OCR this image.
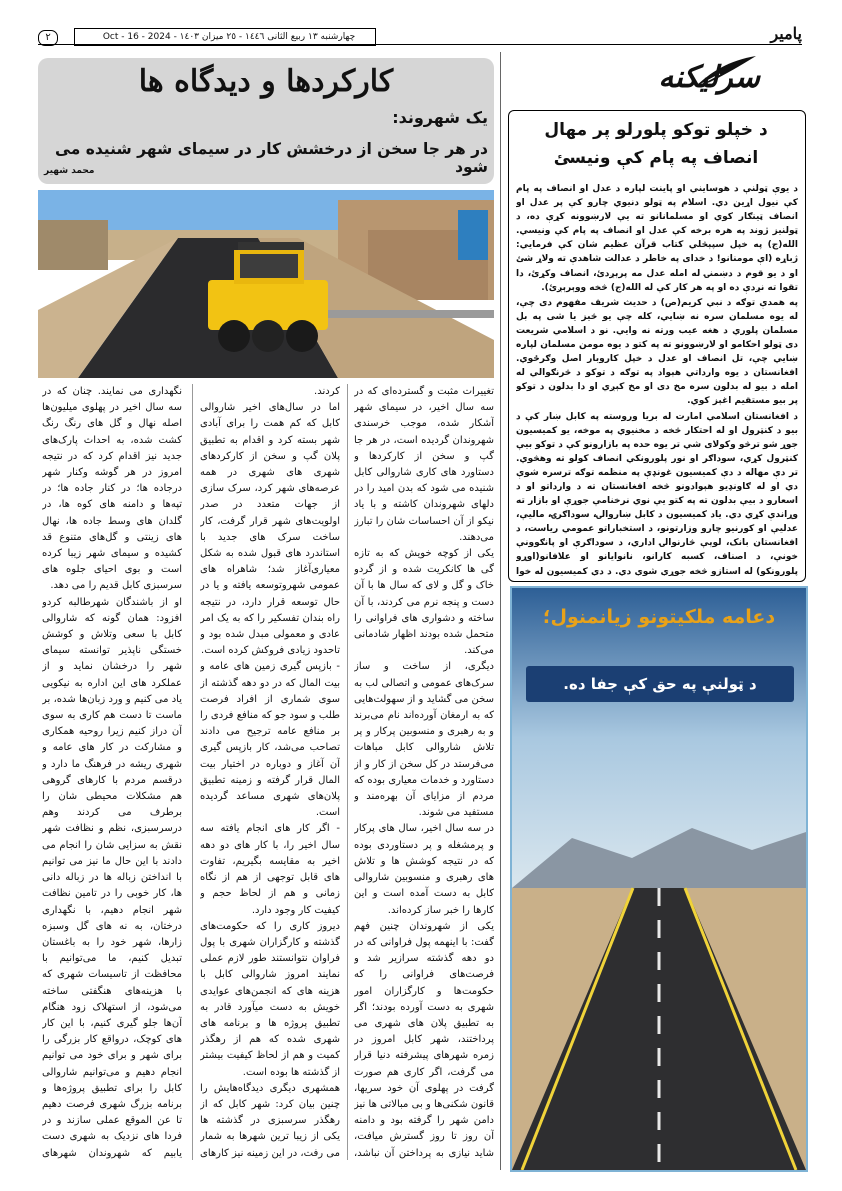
٢	چهارشنبه ١٣ ربیع الثانی ١٤٤٦ - ٢٥ میزان ١٤٠٣ - Oct - 16 - 2024	پامیر
سرلیکنه
د خپلو توکو پلورلو پر مهال انصاف په پام کې ونیسئ

د یوې ټولنې د هوسایني او پاینت لپاره د عدل او انصاف په پام کې نیول اړین دي. اسلام په ټولو دنیوي چارو کې پر عدل او انصاف ټینګار کوي او مسلمانانو ته یې لارښوونه کړې ده، د ټولنیز ژوند په هره برخه کې عدل او انصاف په پام کې ونیسي. الله(ج) په خپل سپېڅلي کتاب قرآن عظیم شان کې فرمایي: ژباړه (اې مومنانو! د خدای په خاطر د عدالت شاهدې ته ولاړ شئ او د یو قوم د دښمنۍ له امله عدل مه پرېږدئ، انصاف وکړئ، دا تقوا ته نږدې ده او په هر کار کې له الله(ج) څخه ووېرېږئ).

په همدې توګه د نبي کریم(ص) د حدیث شریف مفهوم دی چې، له یوه مسلمان سره نه ښایي، کله چې یو څیز یا شی په بل مسلمان پلوري د هغه عیب ورته نه وایي. نو د اسلامي شریعت دی ټولو احکامو او لارښوونو ته په کتو د یوه مومن مسلمان لپاره ښایي چې، تل انصاف او عدل د خپل کاروبار اصل وګرځوي. افغانستان د یوه وارداتي هېواد په توګه د توکو د څرنګوالي له امله د بیو له بدلون سره مخ دی او مخ کېږي او دا بدلون د توکو پر بیو مستقیم اغېز کوي.

د افغانستان اسلامي امارت له بریا وروسته په کابل ښار کې د بیو د کنټرول او له احتکار څخه د مخنیوي په موخه، یو کمیسیون جوړ شو ترڅو وکولای شي تر یوه حده په بازارونو کې د توکو بیې کنټرول کړي، سوداګر او نور پلورونکي انصاف کولو ته وهڅوي. تر دې مهاله د دې کمیسیون غونډې په منظمه توګه ترسره شوې دي او له ګاونډیو هېوادونو څخه افغانستان ته د وارداتو او د اسعارو د بیې بدلون ته په کتو یې نوي نرخنامې جوړې او بازار ته وړاندې کړي دي. یاد کمیسیون د کابل ښاروالۍ، سوداګرۍ، مالیې، عدلیې او کورنیو چارو وزارتونو، د استخباراتو عمومي ریاست، د افغانستان بانک، لوېې څارنوالۍ اداري، د سوداګرې او پانګوونې خونې، د اصناف، کسبه کارانو، نانوایانو او علافانو(اوړو پلورونکو) له استازو څخه جوړې شوې دي. د دې کمیسیون له خوا

دعامه ملکیتونو زیانمنول؛
د ټولنې په حق کې جفا ده.
کارکردها و دیدگاه ها
یک شهروند:
در هر جا سخن از درخشش کار در سیمای شهر شنیده می شود
محمد شهیر

تغییرات مثبت و گسترده‌ای که در سه سال اخیر، در سیمای شهر آشکار شده، موجب خرسندی شهروندان گردیده است، در هر جا گپ و سخن از کارکردها و دستاورد های کاری شاروالی کابل شنیده می شود که بدن امید را در دلهای شهروندان کاشته و با یاد نیکو از آن احساسات شان را تبارز می‌دهند.

یکی از کوچه خویش که به تازه گی ها کانکریت شده و از گردو خاک و گل و لای که سال ها با آن دست و پنجه نرم می کردند، با آن ساخته و دشواری های فراوانی را متحمل شده بودند اظهار شادمانی می‌کند.

دیگری، از ساخت و ساز سرک‌های عمومی و اتصالی لب به سخن می گشاید و از سهولت‌هایی که به ارمغان آورده‌اند نام می‌برند و به رهبری و منسوبین پرکار و پر تلاش شاروالی کابل مباهات می‌فرستد در کل سخن از کار و از دستاورد و خدمات معیاری بوده که مردم از مزایای آن بهره‌مند و مستفید می شوند.

در سه سال اخیر، سال های پرکار و پرمشغله و پر دستاوردی بوده که در نتیجه کوشش ها و تلاش های رهبری و منسوبین شاروالی کابل به دست آمده است و این کارها را خبر ساز کرده‌اند.

یکی از شهروندان چنین فهم گفت: با اینهمه پول فراوانی که در دو دهه گذشته سرازیر شد و فرصت‌های فراوانی را که حکومت‌ها و کارگزاران امور شهری به دست آورده بودند؛ اگر به تطبیق پلان های شهری می پرداختند، شهر کابل امروز در زمره شهرهای پیشرفته دنیا قرار می گرفت، اگر کاری هم صورت گرفت در پهلوی آن خود سریها، قانون شکنی‌ها و بی مبالاتی ها نیز دامن شهر را گرفته بود و دامنه آن روز تا روز گسترش میافت، شاید نیازی به پرداختن آن نباشد،

کردند.

اما در سال‌های اخیر شاروالی کابل که کم همت را برای آبادی شهر بسته کرد و اقدام به تطبیق پلان گپ و سخن از کارکردهای شهری های شهری در همه عرصه‌های شهر کرد، سرک سازی از جهات متعدد در صدر اولویت‌های شهر قرار گرفت، کار ساخت سرک های جدید با استاندرد های قبول شده به شکل معیاری‌آغاز شد؛ شاهراه های عمومی شهروتوسعه یافته و یا در حال توسعه قرار دارد، در نتیجه راه بندان تفسکیر را که به یک امر عادی و معمولی مبدل شده بود و تاحدود زیادی فروکش کرده است.

- بازپس گیری زمین های عامه و بیت المال که در دو دهه گذشته از سوی شماری از افراد فرصت طلب و سود جو که منافع فردی را بر منافع عامه ترجیح می دادند تصاحب می‌شد، کار بازپس گیری آن آغاز و دوباره در اختیار بیت المال قرار گرفته و زمینه تطبیق پلان‌های شهری مساعد گردیده است.

- اگر کار های انجام یافته سه سال اخیر را، با کار های دو دهه اخیر به مقایسه بگیریم، تفاوت های قابل توجهی از هم از نگاه زمانی و هم از لحاظ حجم و کیفیت کار وجود دارد.

دیروز کاری را که حکومت‌های گذشته و کارگزاران شهری با پول فراوان نتوانستند طور لازم عملی نمایند امروز شاروالی کابل با هزینه های که انجمن‌های عوایدی خویش به دست میآورد قادر به تطبیق پروژه ها و برنامه های شهری شده که هم از رهگذر کمیت و هم از لحاظ کیفیت بیشتر از گذشته ها بوده است.

همشهری دیگری دیدگاه‌هایش را چنین بیان کرد: شهر کابل که از رهگذر سرسبزی در گذشته ها یکی از زیبا ترین شهرها به شمار می رفت، در این زمینه نیز کارهای

نگهداری می نمایند. چنان که در سه سال اخیر در پهلوی میلیون‌ها اصله نهال و گل های رنگ رنگ کشت شده، به احداث پارک‌های جدید نیز اقدام کرد که در نتیجه امروز در هر گوشه وکنار شهر درجاده ها؛ در کنار جاده ها؛ در تپه‌ها و دامنه های کوه ها، در گلدان های وسط جاده ها، نهال های زینتی و گل‌های متنوع قد کشیده و سیمای شهر زیبا کرده است و بوی احیای جلوه های سرسبزی کابل قدیم را می دهد.

او از باشندگان شهرطالبه کردو افزود: همان گونه که شاروالی کابل با سعی وتلاش و کوشش خستگی ناپذیر توانسته سیمای شهر را درخشان نماید و از عملکرد های این اداره به نیکویی یاد می کنیم و ورد زبان‌ها شده، بر ماست تا دست هم کاری به سوی آن دراز کنیم زیرا روحیه همکاری و مشارکت در کار های عامه و شهری ریشه در فرهنگ ما دارد و درقسم مردم با کارهای گروهی هم مشکلات محیطی شان را برطرف می کردند وهم درسرسبزی، نظم و نظافت شهر نقش به سزایی شان را انجام می دادند با این حال ما نیز می توانیم با انداختن زباله ها در زباله دانی ها، کار خوبی را در تامین نظافت شهر انجام دهیم، با نگهداری درختان، به نه های گل وسبزه زارها، شهر خود را به باغستان تبدیل کنیم، ما می‌توانیم با محافظت از تاسیسات شهری که با هزینه‌های هنگفتی ساخته می‌شود، از استهلاک زود هنگام آن‌ها جلو گیری کنیم، با این کار های کوچک، درواقع کار بزرگی را برای شهر و برای خود می توانیم انجام دهیم و می‌توانیم شاروالی کابل را برای تطبیق پروژه‌ها و برنامه بزرگ شهری فرصت دهیم تا عن الموقع عملی سازند و در فردا های نزدیک به شهری دست یابیم که شهروندان شهرهای
